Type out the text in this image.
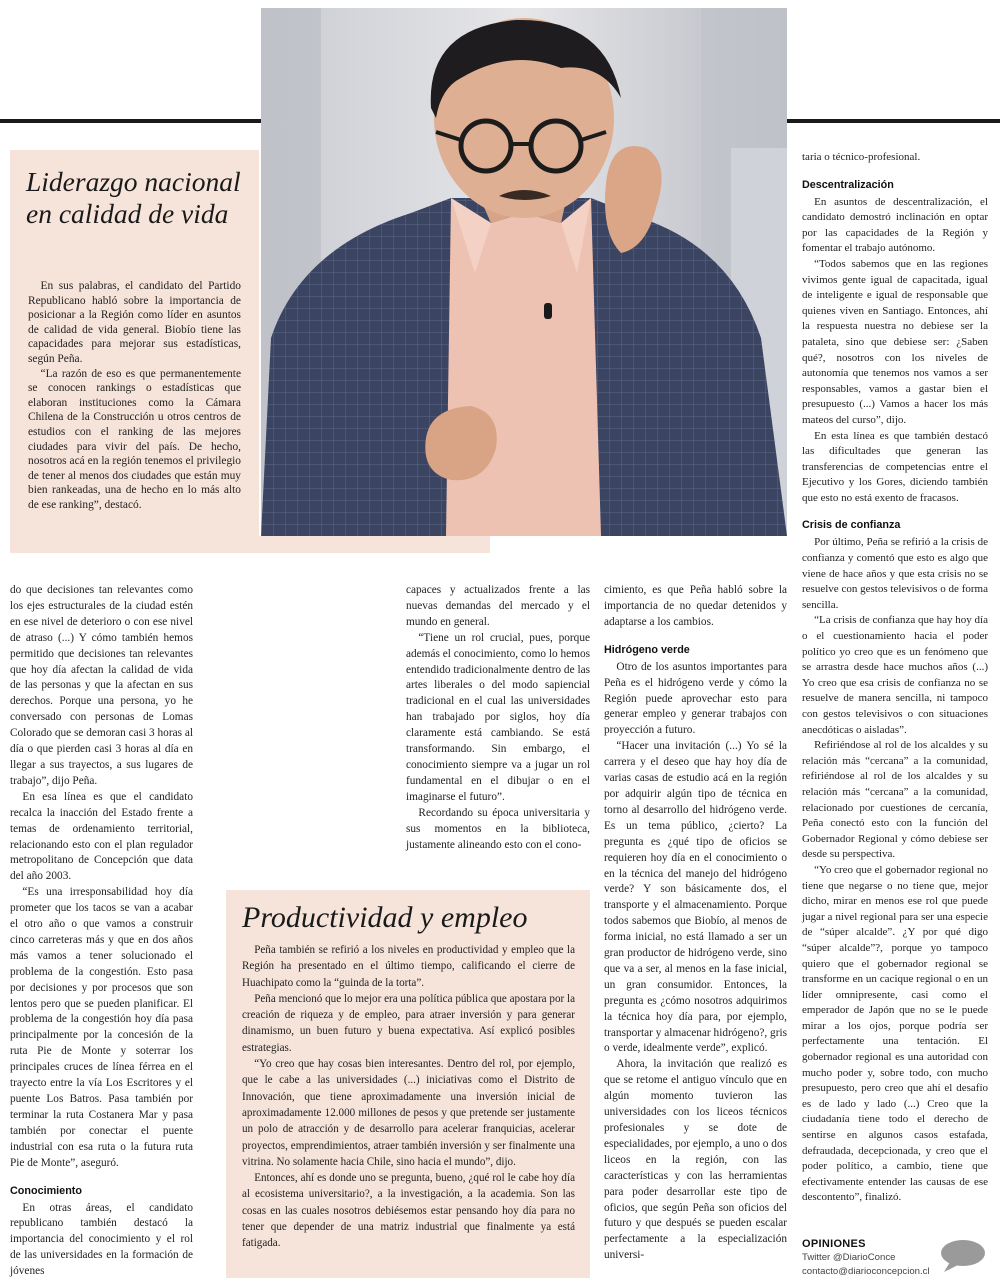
Liderazgo nacional en calidad de vida

En sus palabras, el candidato del Partido Republicano habló sobre la importancia de posicionar a la Región como líder en asuntos de calidad de vida general. Biobío tiene las capacidades para mejorar sus estadísticas, según Peña.

“La razón de eso es que permanentemente se conocen rankings o estadísticas que elaboran instituciones como la Cámara Chilena de la Construcción u otros centros de estudios con el ranking de las mejores ciudades para vivir del país. De hecho, nosotros acá en la región tenemos el privilegio de tener al menos dos ciudades que están muy bien rankeadas, una de hecho en lo más alto de ese ranking”, destacó.

do que decisiones tan relevantes como los ejes estructurales de la ciudad estén en ese nivel de deterioro o con ese nivel de atraso (...) Y cómo también hemos permitido que decisiones tan relevantes que hoy día afectan la calidad de vida de las personas y que la afectan en sus derechos. Porque una persona, yo he conversado con personas de Lomas Colorado que se demoran casi 3 horas al día o que pierden casi 3 horas al día en llegar a sus trayectos, a sus lugares de trabajo”, dijo Peña.

En esa línea es que el candidato recalca la inacción del Estado frente a temas de ordenamiento territorial, relacionando esto con el plan regulador metropolitano de Concepción que data del año 2003.

“Es una irresponsabilidad hoy día prometer que los tacos se van a acabar el otro año o que vamos a construir cinco carreteras más y que en dos años más vamos a tener solucionado el problema de la congestión. Esto pasa por decisiones y por procesos que son lentos pero que se pueden planificar. El problema de la congestión hoy día pasa principalmente por la concesión de la ruta Pie de Monte y soterrar los principales cruces de línea férrea en el trayecto entre la vía Los Escritores y el puente Los Batros. Pasa también por terminar la ruta Costanera Mar y pasa también por conectar el puente industrial con esa ruta o la futura ruta Pie de Monte”, aseguró.

Conocimiento

En otras áreas, el candidato republicano también destacó la importancia del conocimiento y el rol de las universidades en la formación de jóvenes

capaces y actualizados frente a las nuevas demandas del mercado y el mundo en general.

“Tiene un rol crucial, pues, porque además el conocimiento, como lo hemos entendido tradicionalmente dentro de las artes liberales o del modo sapiencial tradicional en el cual las universidades han trabajado por siglos, hoy día claramente está cambiando. Se está transformando. Sin embargo, el conocimiento siempre va a jugar un rol fundamental en el dibujar o en el imaginarse el futuro”.

Recordando su época universitaria y sus momentos en la biblioteca, justamente alineando esto con el cono-

cimiento, es que Peña habló sobre la importancia de no quedar detenidos y adaptarse a los cambios.

Hidrógeno verde

Otro de los asuntos importantes para Peña es el hidrógeno verde y cómo la Región puede aprovechar esto para generar empleo y generar trabajos con proyección a futuro.

“Hacer una invitación (...) Yo sé la carrera y el deseo que hay hoy día de varias casas de estudio acá en la región por adquirir algún tipo de técnica en torno al desarrollo del hidrógeno verde. Es un tema público, ¿cierto? La pregunta es ¿qué tipo de oficios se requieren hoy día en el conocimiento o en la técnica del manejo del hidrógeno verde? Y son básicamente dos, el transporte y el almacenamiento. Porque todos sabemos que Biobío, al menos de forma inicial, no está llamado a ser un gran productor de hidrógeno verde, sino que va a ser, al menos en la fase inicial, un gran consumidor. Entonces, la pregunta es ¿cómo nosotros adquirimos la técnica hoy día para, por ejemplo, transportar y almacenar hidrógeno?, gris o verde, idealmente verde”, explicó.

Ahora, la invitación que realizó es que se retome el antiguo vínculo que en algún momento tuvieron las universidades con los liceos técnicos profesionales y se dote de especialidades, por ejemplo, a uno o dos liceos en la región, con las características y con las herramientas para poder desarrollar este tipo de oficios, que según Peña son oficios del futuro y que después se pueden escalar perfectamente a la especialización universi-

taria o técnico-profesional.

Descentralización

En asuntos de descentralización, el candidato demostró inclinación en optar por las capacidades de la Región y fomentar el trabajo autónomo.

“Todos sabemos que en las regiones vivimos gente igual de capacitada, igual de inteligente e igual de responsable que quienes viven en Santiago. Entonces, ahí la respuesta nuestra no debiese ser la pataleta, sino que debiese ser: ¿Saben qué?, nosotros con los niveles de autonomía que tenemos nos vamos a ser responsables, vamos a gastar bien el presupuesto (...) Vamos a hacer los más mateos del curso”, dijo.

En esta línea es que también destacó las dificultades que generan las transferencias de competencias entre el Ejecutivo y los Gores, diciendo también que esto no está exento de fracasos.

Crisis de confianza

Por último, Peña se refirió a la crisis de confianza y comentó que esto es algo que viene de hace años y que esta crisis no se resuelve con gestos televisivos o de forma sencilla.

“La crisis de confianza que hay hoy día o el cuestionamiento hacia el poder político yo creo que es un fenómeno que se arrastra desde hace muchos años (...) Yo creo que esa crisis de confianza no se resuelve de manera sencilla, ni tampoco con gestos televisivos o con situaciones anecdóticas o aisladas”.

Refiriéndose al rol de los alcaldes y su relación más “cercana” a la comunidad, refiriéndose al rol de los alcaldes y su relación más “cercana” a la comunidad, relacionado por cuestiones de cercanía, Peña conectó esto con la función del Gobernador Regional y cómo debiese ser desde su perspectiva.

“Yo creo que el gobernador regional no tiene que negarse o no tiene que, mejor dicho, mirar en menos ese rol que puede jugar a nivel regional para ser una especie de “súper alcalde”. ¿Y por qué digo “súper alcalde”?, porque yo tampoco quiero que el gobernador regional se transforme en un cacique regional o en un líder omnipresente, casi como el emperador de Japón que no se le puede mirar a los ojos, porque podría ser perfectamente una tentación. El gobernador regional es una autoridad con mucho poder y, sobre todo, con mucho presupuesto, pero creo que ahí el desafío es de lado y lado (...) Creo que la ciudadanía tiene todo el derecho de sentirse en algunos casos estafada, defraudada, decepcionada, y creo que el poder político, a cambio, tiene que efectivamente entender las causas de ese descontento”, finalizó.

Productividad y empleo

Peña también se refirió a los niveles en productividad y empleo que la Región ha presentado en el último tiempo, calificando el cierre de Huachipato como la “guinda de la torta”.

Peña mencionó que lo mejor era una política pública que apostara por la creación de riqueza y de empleo, para atraer inversión y para generar dinamismo, un buen futuro y buena expectativa. Así explicó posibles estrategias.

“Yo creo que hay cosas bien interesantes. Dentro del rol, por ejemplo, que le cabe a las universidades (...) iniciativas como el Distrito de Innovación, que tiene aproximadamente una inversión inicial de aproximadamente 12.000 millones de pesos y que pretende ser justamente un polo de atracción y de desarrollo para acelerar franquicias, acelerar proyectos, emprendimientos, atraer también inversión y ser finalmente una vitrina. No solamente hacia Chile, sino hacia el mundo”, dijo.

Entonces, ahí es donde uno se pregunta, bueno, ¿qué rol le cabe hoy día al ecosistema universitario?, a la investigación, a la academia. Son las cosas en las cuales nosotros debiésemos estar pensando hoy día para no tener que depender de una matriz industrial que finalmente ya está fatigada.	OPINIONES
Twitter @DiarioConce
contacto@diarioconcepcion.cl
